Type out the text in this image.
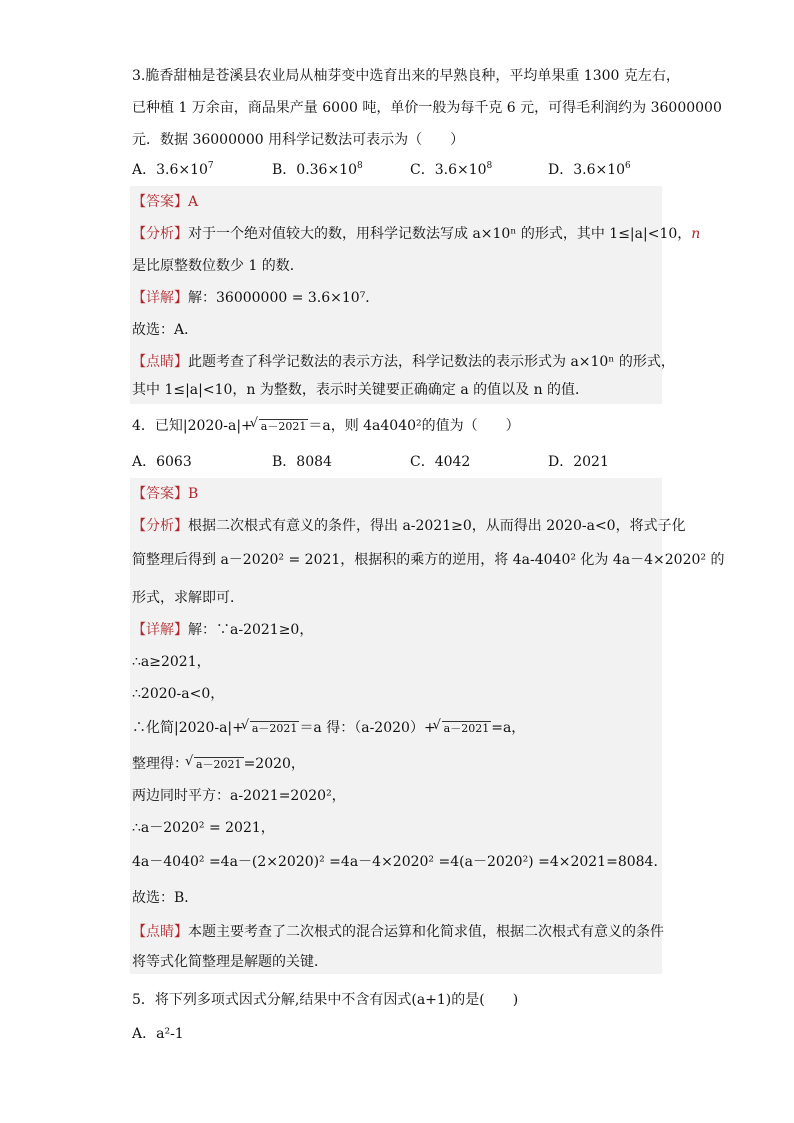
3.脆香甜柚是苍溪县农业局从柚芽变中选育出来的早熟良种，平均单果重 1300 克左右，
已种植 1 万余亩，商品果产量 6000 吨，单价一般为每千克 6 元，可得毛利润约为 36000000
元．数据 36000000 用科学记数法可表示为（　　）
A．$3.6\times 10^7$	B．$0.36\times 10^8$	C．$3.6\times 10^8$	D．$3.6\times 10^6$
【答案】A
【分析】对于一个绝对值较大的数，用科学记数法写成 a×10ⁿ 的形式，其中 1≤|a|<10，n
是比原整数位数少 1 的数．
【详解】解：36000000 = 3.6×10⁷．
故选：A．
【点睛】此题考查了科学记数法的表示方法，科学记数法的表示形式为 a×10ⁿ 的形式，
其中 1≤|a|<10，n 为整数，表示时关键要正确确定 a 的值以及 n 的值．
4．已知|2020-a|+ √ a－2021 ＝a，则 4a4040²的值为（　　）
A．6063	B．8084	C．4042	D．2021
【答案】B
【分析】根据二次根式有意义的条件，得出 a-2021≥0，从而得出 2020-a<0，将式子化
简整理后得到 a－2020² = 2021，根据积的乘方的逆用，将 4a-4040² 化为 4a－4×2020² 的
形式，求解即可．
【详解】解：∵a-2021≥0，
∴a≥2021，
∴2020-a<0，
∴化简|2020-a|+ √ a－2021 ＝a 得：（a-2020）+ √ a－2021 =a，
整理得： √ a－2021 =2020，
两边同时平方：a-2021=2020²，
∴a－2020² = 2021，
4a－4040² =4a－(2×2020)² =4a－4×2020² =4(a－2020²) =4×2021=8084．
故选：B．
【点睛】本题主要考查了二次根式的混合运算和化简求值，根据二次根式有意义的条件
将等式化简整理是解题的关键．
5．将下列多项式因式分解,结果中不含有因式(a+1)的是(　　)
A．a²-1
